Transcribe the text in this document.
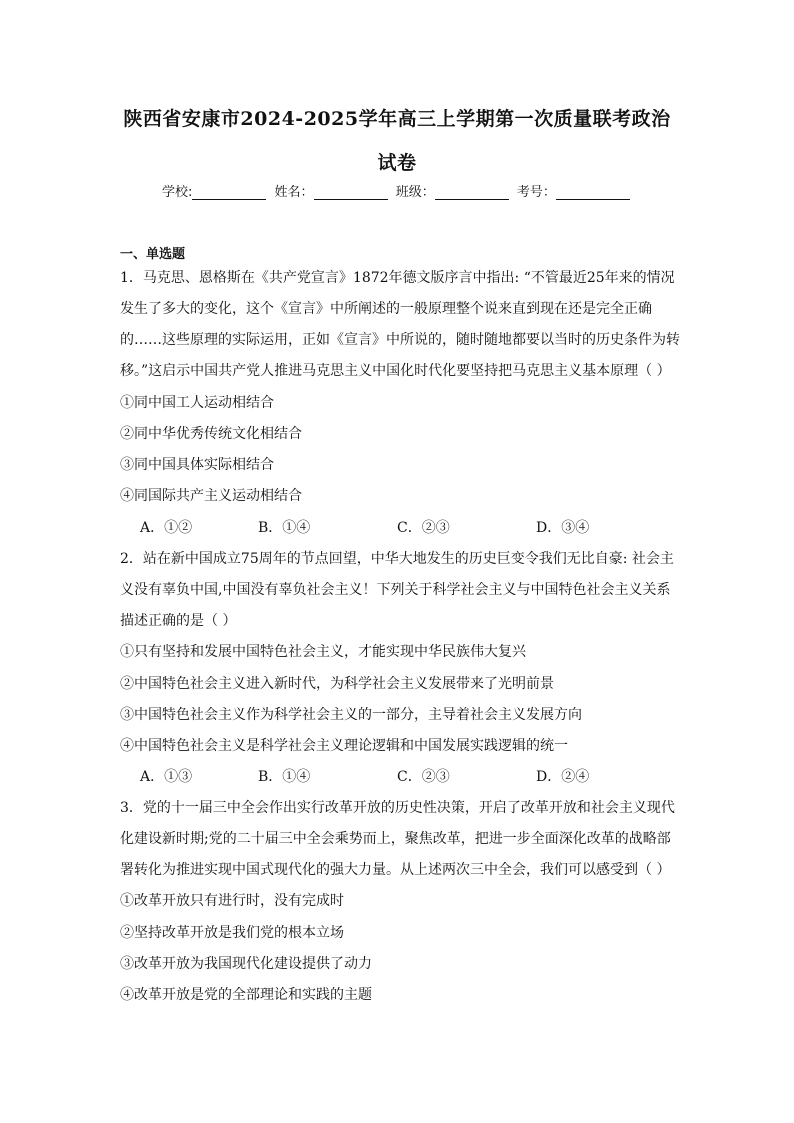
陕西省安康市2024-2025学年高三上学期第一次质量联考政治
试卷
学校:	姓名：	班级：	考号：
一、单选题
1．马克思、恩格斯在《共产党宣言》1872年德文版序言中指出: “不管最近25年来的情况
发生了多大的变化，这个《宣言》中所阐述的一般原理整个说来直到现在还是完全正确
的……这些原理的实际运用，正如《宣言》中所说的，随时随地都要以当时的历史条件为转
移。”这启示中国共产党人推进马克思主义中国化时代化要坚持把马克思主义基本原理（ ）
①同中国工人运动相结合
②同中华优秀传统文化相结合
③同中国具体实际相结合
④同国际共产主义运动相结合
A．①②	B．①④	C．②③	D．③④
2．站在新中国成立75周年的节点回望，中华大地发生的历史巨变令我们无比自豪: 社会主
义没有辜负中国,中国没有辜负社会主义！下列关于科学社会主义与中国特色社会主义关系
描述正确的是（ ）
①只有坚持和发展中国特色社会主义，才能实现中华民族伟大复兴
②中国特色社会主义进入新时代，为科学社会主义发展带来了光明前景
③中国特色社会主义作为科学社会主义的一部分，主导着社会主义发展方向
④中国特色社会主义是科学社会主义理论逻辑和中国发展实践逻辑的统一
A．①③	B．①④	C．②③	D．②④
3．党的十一届三中全会作出实行改革开放的历史性决策，开启了改革开放和社会主义现代
化建设新时期;党的二十届三中全会乘势而上，聚焦改革，把进一步全面深化改革的战略部
署转化为推进实现中国式现代化的强大力量。从上述两次三中全会，我们可以感受到（ ）
①改革开放只有进行时，没有完成时
②坚持改革开放是我们党的根本立场
③改革开放为我国现代化建设提供了动力
④改革开放是党的全部理论和实践的主题
